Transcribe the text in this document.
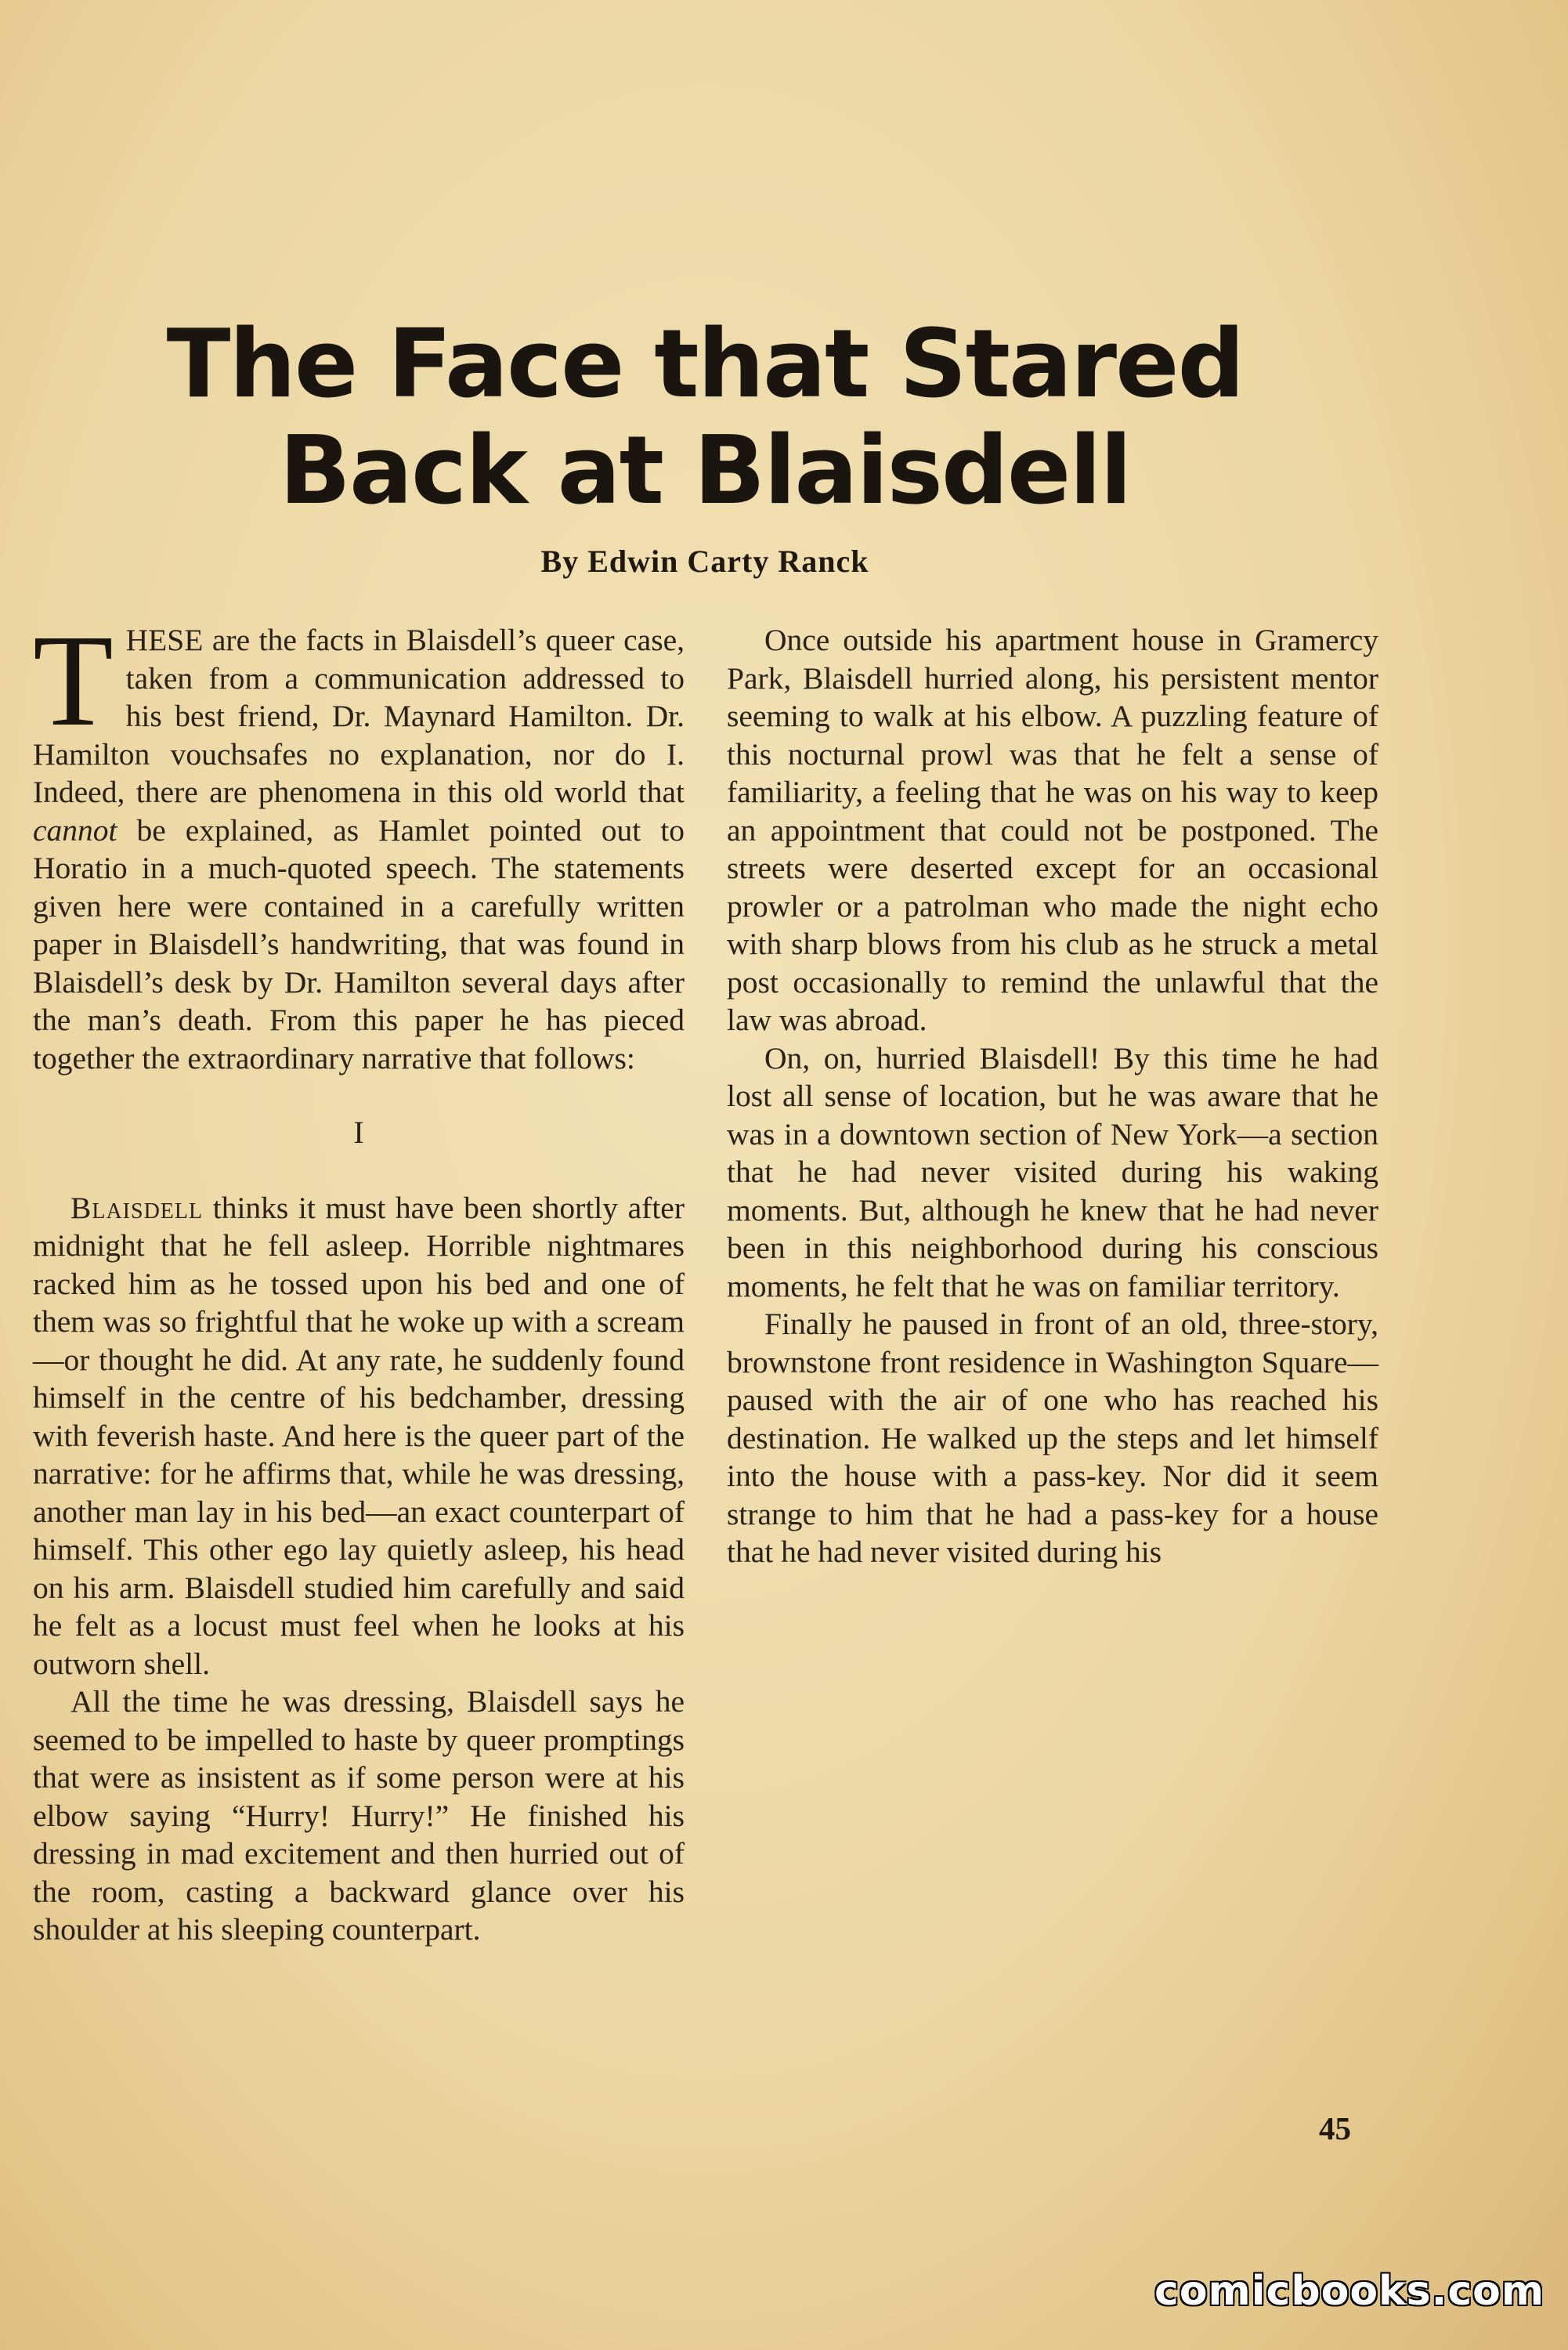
The Face that Stared Back at Blaisdell
By Edwin Carty Ranck

THESE are the facts in Blaisdell’s queer case, taken from a communication addressed to his best friend, Dr. Maynard Hamilton. Dr. Hamilton vouchsafes no explanation, nor do I. Indeed, there are phenomena in this old world that cannot be explained, as Hamlet pointed out to Horatio in a much-quoted speech. The statements given here were contained in a carefully written paper in Blaisdell’s handwriting, that was found in Blaisdell’s desk by Dr. Hamilton several days after the man’s death. From this paper he has pieced together the extraordinary narrative that follows:

I

Blaisdell thinks it must have been shortly after midnight that he fell asleep. Horrible nightmares racked him as he tossed upon his bed and one of them was so frightful that he woke up with a scream—or thought he did. At any rate, he suddenly found himself in the centre of his bedchamber, dressing with feverish haste. And here is the queer part of the narrative: for he affirms that, while he was dressing, another man lay in his bed—an exact counterpart of himself. This other ego lay quietly asleep, his head on his arm. Blaisdell studied him carefully and said he felt as a locust must feel when he looks at his outworn shell.

All the time he was dressing, Blaisdell says he seemed to be impelled to haste by queer promptings that were as insistent as if some person were at his elbow saying “Hurry! Hurry!” He finished his dressing in mad excitement and then hurried out of the room, casting a backward glance over his shoulder at his sleeping counterpart.

Once outside his apartment house in Gramercy Park, Blaisdell hurried along, his persistent mentor seeming to walk at his elbow. A puzzling feature of this nocturnal prowl was that he felt a sense of familiarity, a feeling that he was on his way to keep an appointment that could not be postponed. The streets were deserted except for an occasional prowler or a patrolman who made the night echo with sharp blows from his club as he struck a metal post occasionally to remind the unlawful that the law was abroad.

On, on, hurried Blaisdell! By this time he had lost all sense of location, but he was aware that he was in a downtown section of New York—a section that he had never visited during his waking moments. But, although he knew that he had never been in this neighborhood during his conscious moments, he felt that he was on familiar territory.

Finally he paused in front of an old, three-story, brownstone front residence in Washington Square—paused with the air of one who has reached his destination. He walked up the steps and let himself into the house with a pass-key. Nor did it seem strange to him that he had a pass-key for a house that he had never visited during his

45
comicbooks.com
